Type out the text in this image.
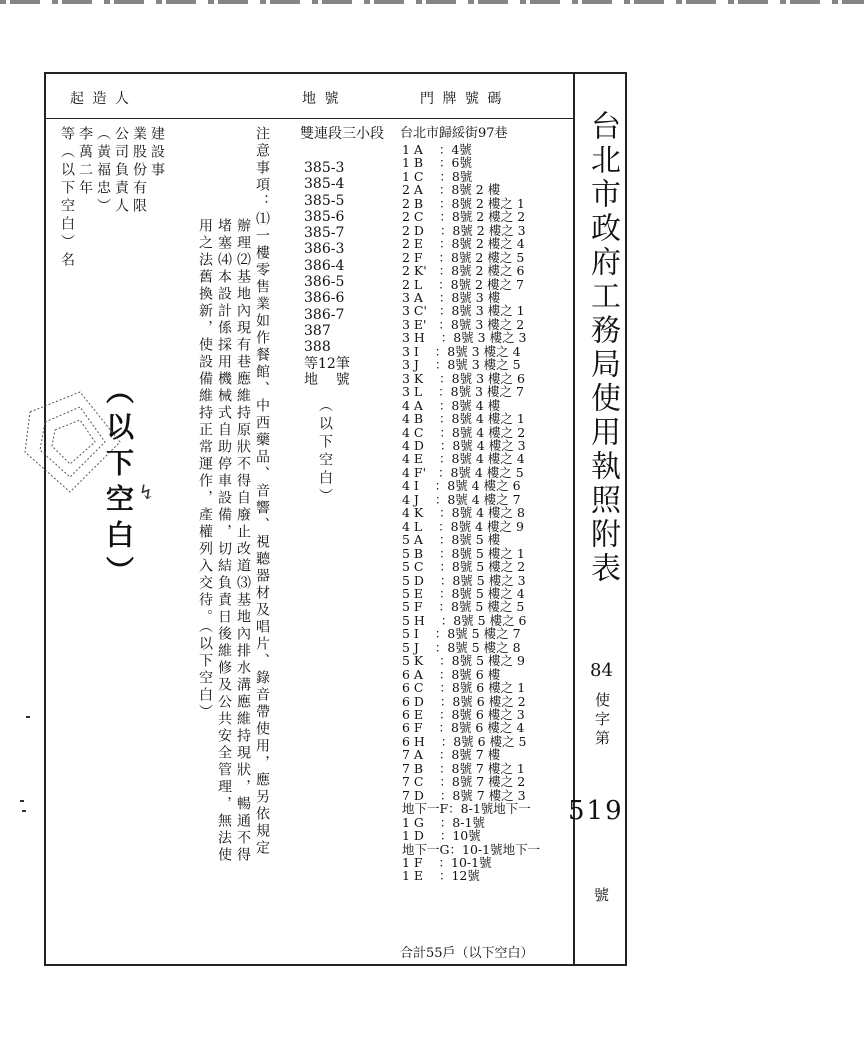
起 造 人	地 號	門 牌 號 碼
建設事
業股份有限
公司負責人
（黃福忠）
李萬二年
等（以下空白）名
（以下空白） ↯	注意事項：⑴一樓零售業如作餐館、中西藥品、音響、視聽器材及唱片、錄音帶使用，應另依規定
辦理⑵基地內現有巷應維持原狀不得自廢止改道⑶基地內排水溝應維持現狀，暢通不得
堵塞⑷本設計係採用機械式自助停車設備，切結負責日後維修及公共安全管理，無法使
用之法舊換新，使設備維持正常運作，產權列入交待。（以下空白）
雙連段三小段
385-3
385-4
385-5
385-6
385-7
386-3
386-4
386-5
386-6
386-7
387
388
等12筆
地    號
（以下空白）
台北市歸綏街97巷
1 A    ：4號
1 B    ：6號
1 C    ：8號
2 A    ：8號 2 樓
2 B    ：8號 2 樓之 1
2 C    ：8號 2 樓之 2
2 D    ：8號 2 樓之 3
2 E    ：8號 2 樓之 4
2 F    ：8號 2 樓之 5
2 K'   ：8號 2 樓之 6
2 L    ：8號 2 樓之 7
3 A    ：8號 3 樓
3 C'   ：8號 3 樓之 1
3 E'   ：8號 3 樓之 2
3 H    ：8號 3 樓之 3
3 I    ：8號 3 樓之 4
3 J    ：8號 3 樓之 5
3 K    ：8號 3 樓之 6
3 L    ：8號 3 樓之 7
4 A    ：8號 4 樓
4 B    ：8號 4 樓之 1
4 C    ：8號 4 樓之 2
4 D    ：8號 4 樓之 3
4 E    ：8號 4 樓之 4
4 F'   ：8號 4 樓之 5
4 I    ：8號 4 樓之 6
4 J    ：8號 4 樓之 7
4 K    ：8號 4 樓之 8
4 L    ：8號 4 樓之 9
5 A    ：8號 5 樓
5 B    ：8號 5 樓之 1
5 C    ：8號 5 樓之 2
5 D    ：8號 5 樓之 3
5 E    ：8號 5 樓之 4
5 F    ：8號 5 樓之 5
5 H    ：8號 5 樓之 6
5 I    ：8號 5 樓之 7
5 J    ：8號 5 樓之 8
5 K    ：8號 5 樓之 9
6 A    ：8號 6 樓
6 C    ：8號 6 樓之 1
6 D    ：8號 6 樓之 2
6 E    ：8號 6 樓之 3
6 F    ：8號 6 樓之 4
6 H    ：8號 6 樓之 5
7 A    ：8號 7 樓
7 B    ：8號 7 樓之 1
7 C    ：8號 7 樓之 2
7 D    ：8號 7 樓之 3
地下一F：8-1號地下一
1 G    ：8-1號
1 D    ：10號
地下一G：10-1號地下一
1 F    ：10-1號
1 E    ：12號
合計55戶（以下空白）
台北市政府工務局使用執照附表
84
使字第
519
號
